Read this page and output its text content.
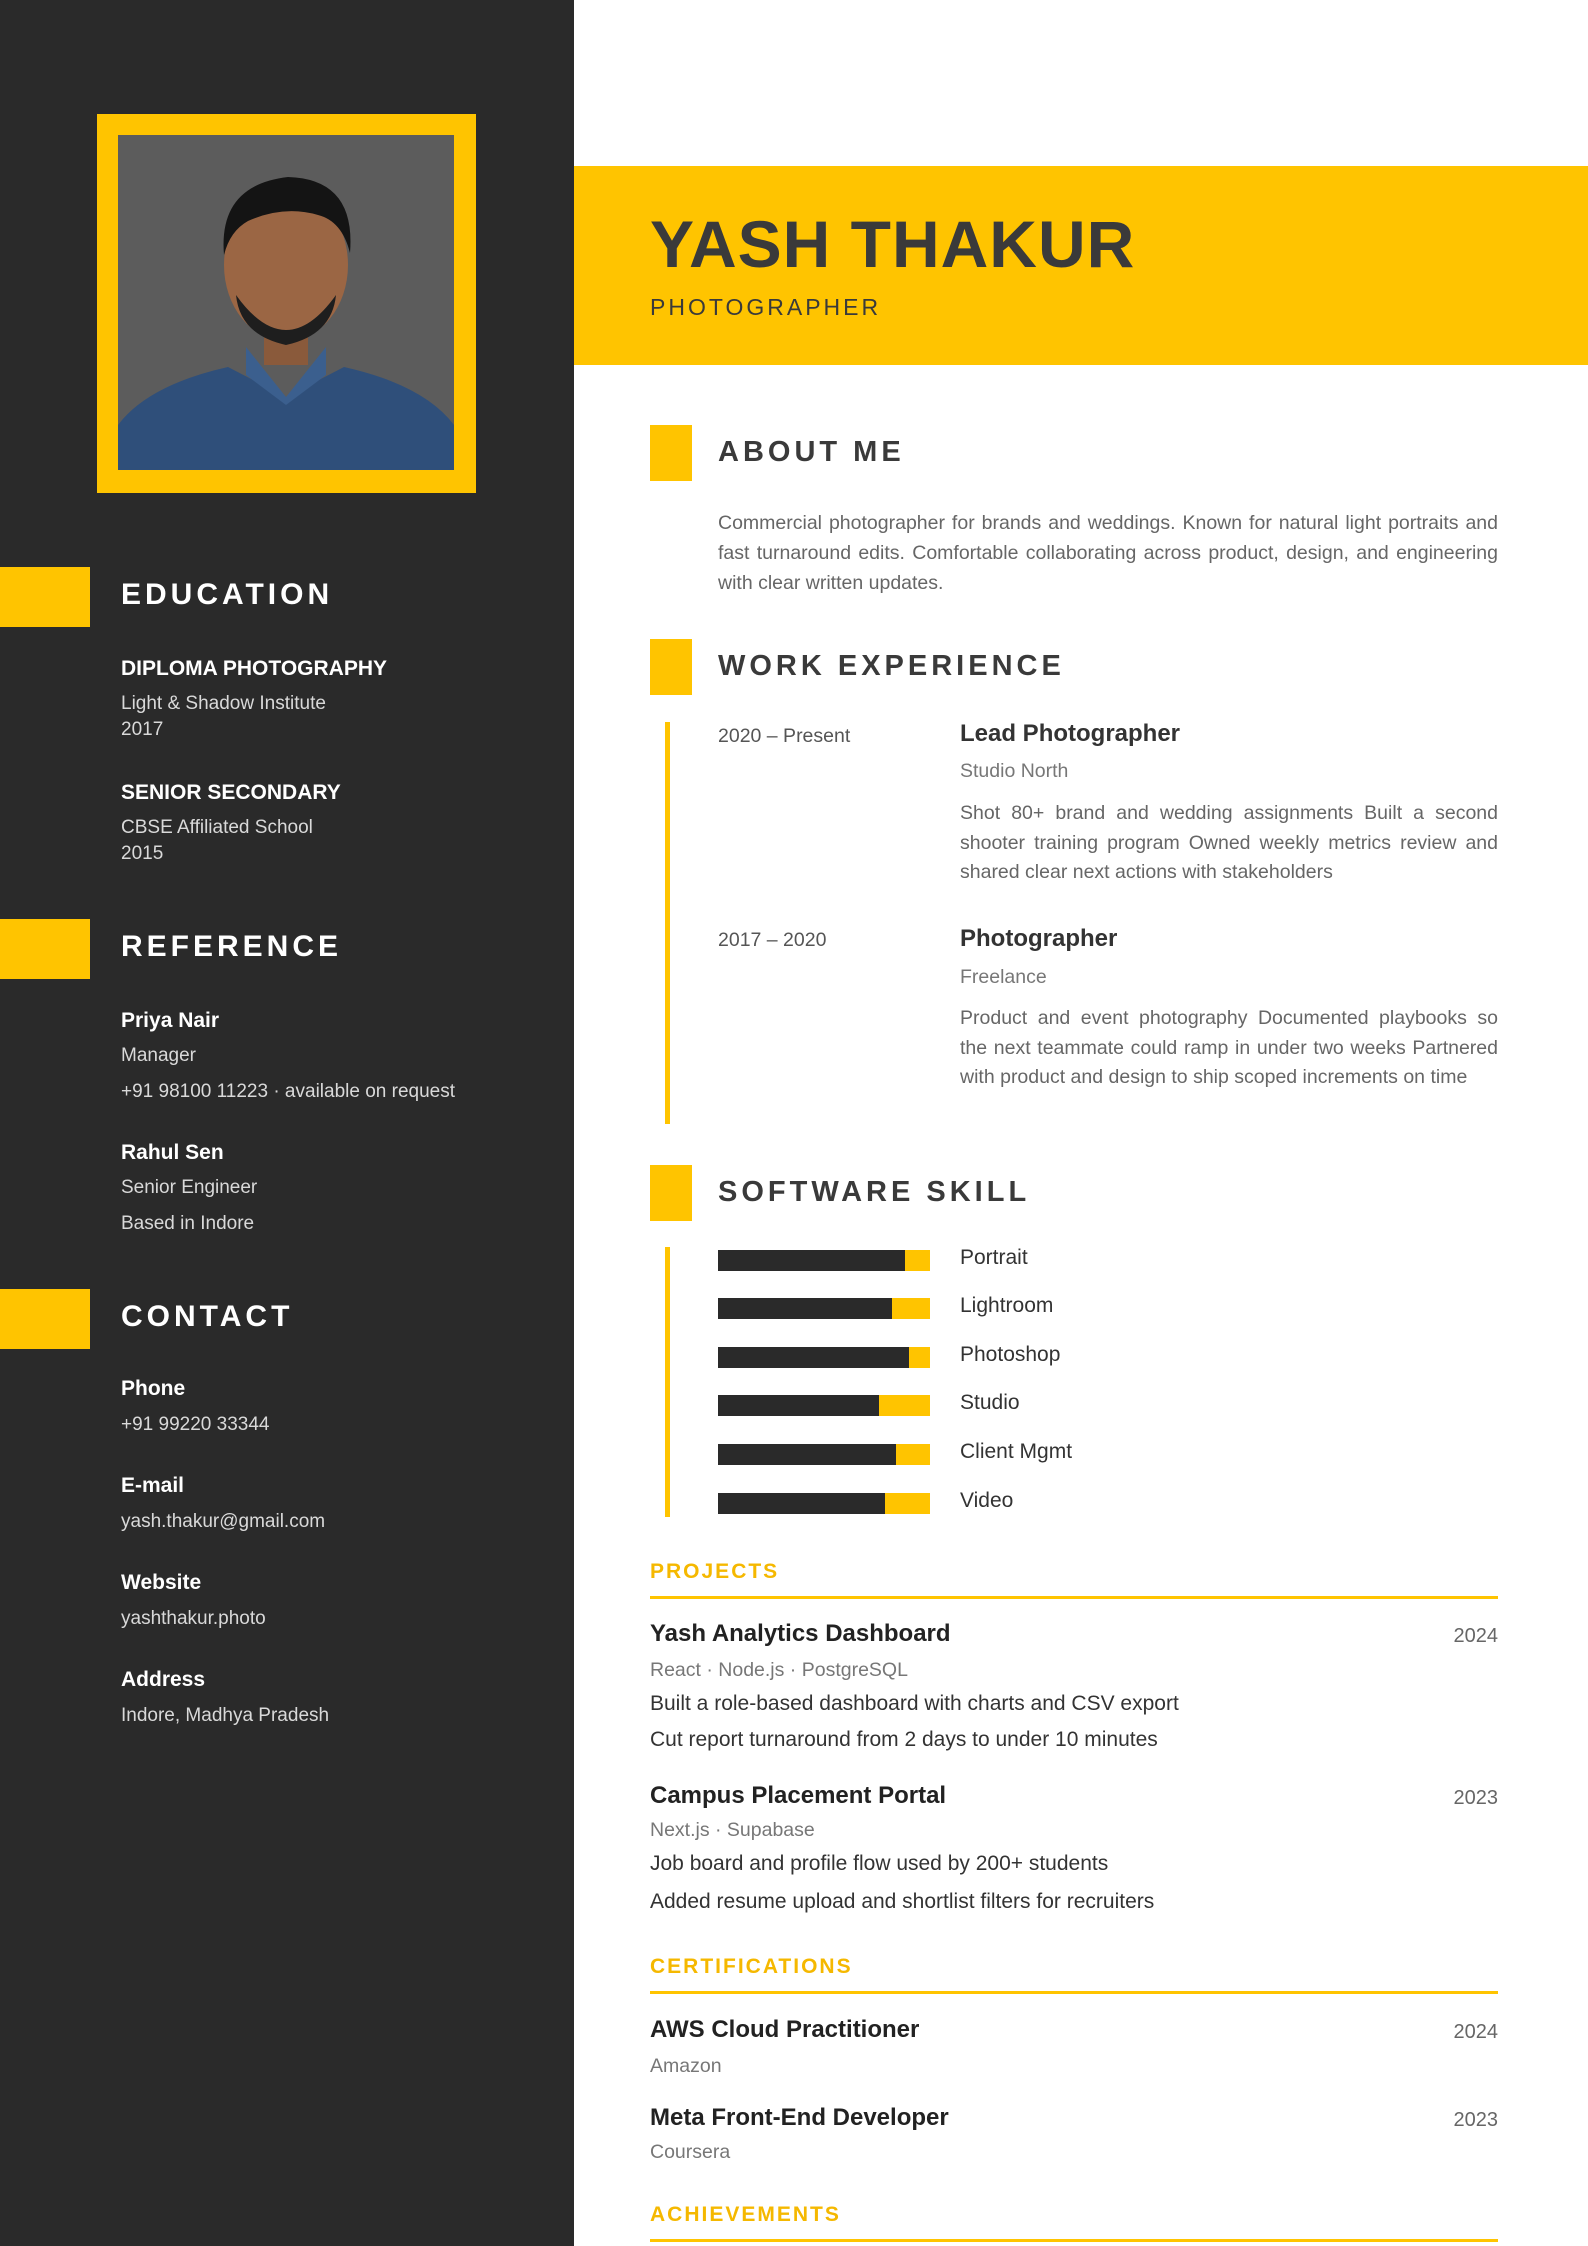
EDUCATION
DIPLOMA PHOTOGRAPHY
Light & Shadow Institute
2017
SENIOR SECONDARY
CBSE Affiliated School
2015
REFERENCE
Priya Nair
Manager
+91 98100 11223 · available on request
Rahul Sen
Senior Engineer
Based in Indore
CONTACT
Phone
+91 99220 33344
E-mail
yash.thakur@gmail.com
Website
yashthakur.photo
Address
Indore, Madhya Pradesh
YASH THAKUR
PHOTOGRAPHER
ABOUT ME
Commercial photographer for brands and weddings. Known for natural light portraits and fast turnaround edits. Comfortable collaborating across product, design, and engineering with clear written updates.
WORK EXPERIENCE
2020 – Present	Lead Photographer
Studio North
Shot 80+ brand and wedding assignments Built a second shooter training program Owned weekly metrics review and shared clear next actions with stakeholders
2017 – 2020	Photographer
Freelance
Product and event photography Documented playbooks so the next teammate could ramp in under two weeks Partnered with product and design to ship scoped increments on time
SOFTWARE SKILL
Portrait
Lightroom
Photoshop
Studio
Client Mgmt
Video
PROJECTS
Yash Analytics Dashboard	2024
React · Node.js · PostgreSQL
Built a role-based dashboard with charts and CSV export
Cut report turnaround from 2 days to under 10 minutes
Campus Placement Portal	2023
Next.js · Supabase
Job board and profile flow used by 200+ students
Added resume upload and shortlist filters for recruiters
CERTIFICATIONS
AWS Cloud Practitioner	2024
Amazon
Meta Front-End Developer	2023
Coursera
ACHIEVEMENTS
